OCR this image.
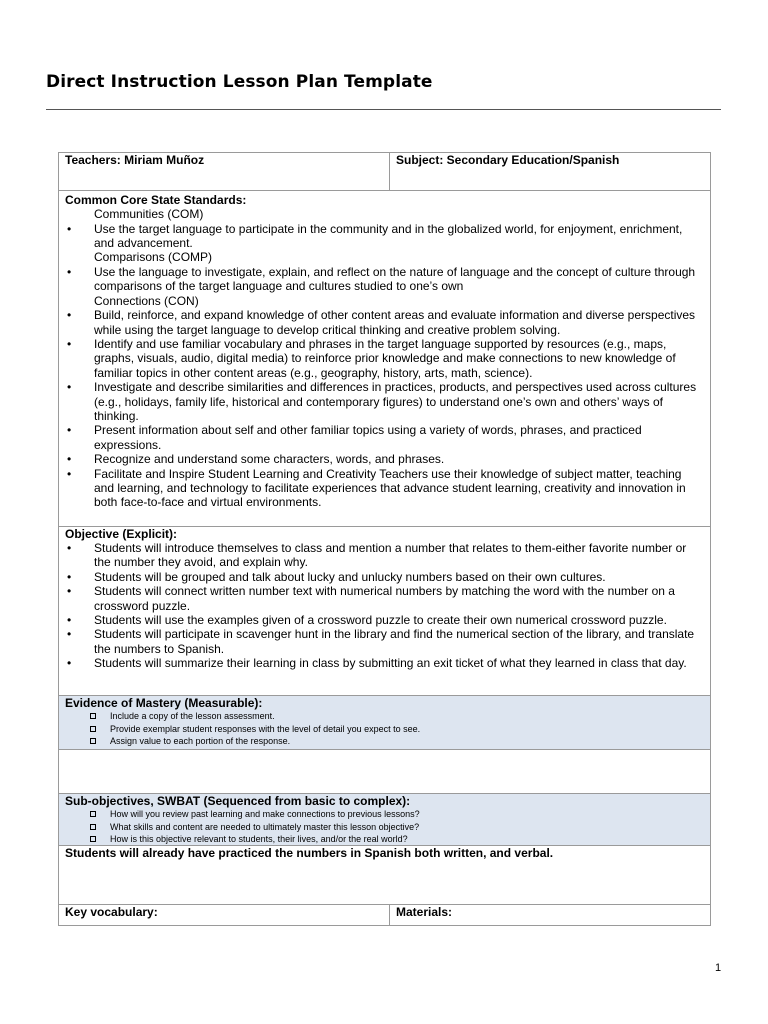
Direct Instruction Lesson Plan Template
Teachers: Miriam Muñoz	Subject: Secondary Education/Spanish
Common Core State Standards:
Communities (COM)
• Use the target language to participate in the community and in the globalized world, for enjoyment, enrichment, and advancement.
Comparisons (COMP)
• Use the language to investigate, explain, and reflect on the nature of language and the concept of culture through comparisons of the target language and cultures studied to one’s own
Connections (CON)
• Build, reinforce, and expand knowledge of other content areas and evaluate information and diverse perspectives while using the target language to develop critical thinking and creative problem solving.
• Identify and use familiar vocabulary and phrases in the target language supported by resources (e.g., maps, graphs, visuals, audio, digital media) to reinforce prior knowledge and make connections to new knowledge of familiar topics in other content areas (e.g., geography, history, arts, math, science).
• Investigate and describe similarities and differences in practices, products, and perspectives used across cultures (e.g., holidays, family life, historical and contemporary figures) to understand one’s own and others’ ways of thinking.
• Present information about self and other familiar topics using a variety of words, phrases, and practiced expressions.
• Recognize and understand some characters, words, and phrases.
• Facilitate and Inspire Student Learning and Creativity Teachers use their knowledge of subject matter, teaching and learning, and technology to facilitate experiences that advance student learning, creativity and innovation in both face-to-face and virtual environments.
Objective (Explicit):
• Students will introduce themselves to class and mention a number that relates to them-either favorite number or the number they avoid, and explain why.
• Students will be grouped and talk about lucky and unlucky numbers based on their own cultures.
• Students will connect written number text with numerical numbers by matching the word with the number on a crossword puzzle.
• Students will use the examples given of a crossword puzzle to create their own numerical crossword puzzle.
• Students will participate in scavenger hunt in the library and find the numerical section of the library, and translate the numbers to Spanish.
• Students will summarize their learning in class by submitting an exit ticket of what they learned in class that day.
Evidence of Mastery (Measurable):
Include a copy of the lesson assessment.
Provide exemplar student responses with the level of detail you expect to see.
Assign value to each portion of the response.
Sub-objectives, SWBAT (Sequenced from basic to complex):
How will you review past learning and make connections to previous lessons?
What skills and content are needed to ultimately master this lesson objective?
How is this objective relevant to students, their lives, and/or the real world?
Students will already have practiced the numbers in Spanish both written, and verbal.
Key vocabulary:	Materials:
1
